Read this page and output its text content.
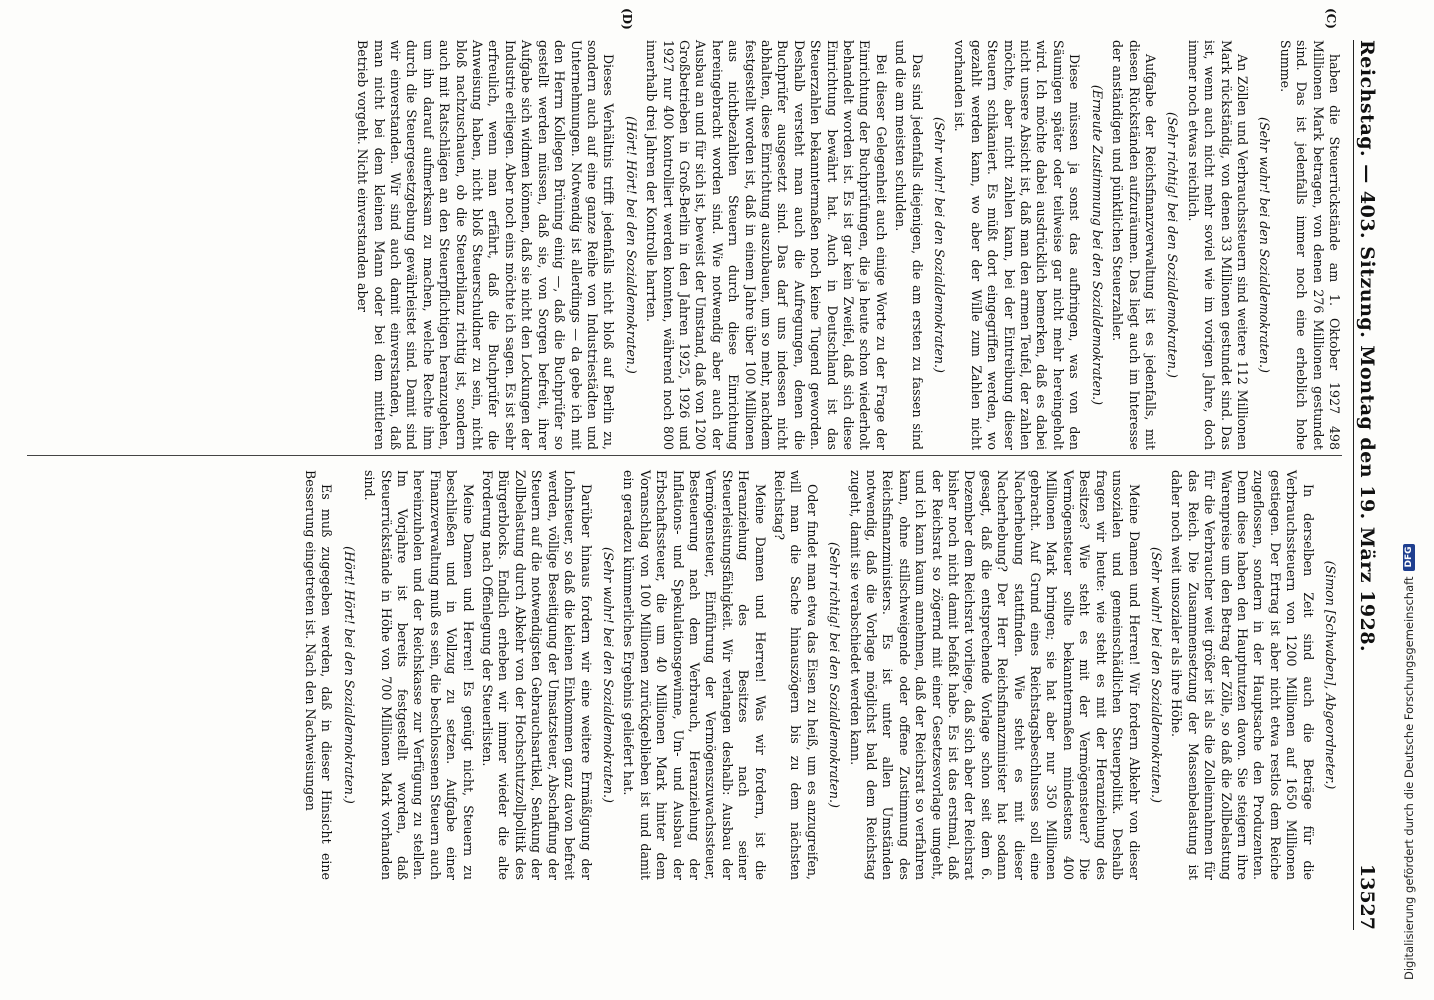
Reichstag. — 403. Sitzung. Montag den 19. März 1928.
13527
(C)
(D)

haben die Steuerrückstände am 1. Oktober 1927 498 Millionen Mark betragen, von denen 276 Millionen gestundet sind. Das ist jedenfalls immer noch eine erheblich hohe Summe.

(Sehr wahr! bei den Sozialdemokraten.)

An Zöllen und Verbrauchssteuern sind weitere 112 Millionen Mark rückständig, von denen 33 Millionen gestundet sind. Das ist, wenn auch nicht mehr soviel wie im vorigen Jahre, doch immer noch etwas reichlich.

(Sehr richtig! bei den Sozialdemokraten.)

Aufgabe der Reichsfinanzverwaltung ist es jedenfalls, mit diesen Rückständen aufzuräumen. Das liegt auch im Interesse der anständigen und pünktlichen Steuerzahler.

(Erneute Zustimmung bei den Sozialdemokraten.)

Diese müssen ja sonst das aufbringen, was von den Säumigen später oder teilweise gar nicht mehr hereingeholt wird. Ich möchte dabei ausdrücklich bemerken, daß es dabei nicht unsere Absicht ist, daß man den armen Teufel, der zahlen möchte, aber nicht zahlen kann, bei der Eintreibung dieser Steuern schikaniert. Es müßt dort eingegriffen werden, wo gezahlt werden kann, wo aber der Wille zum Zahlen nicht vorhanden ist.

(Sehr wahr! bei den Sozialdemokraten.)

Das sind jedenfalls diejenigen, die am ersten zu fassen sind und die am meisten schulden.

Bei dieser Gelegenheit auch einige Worte zu der Frage der Einrichtung der Buchprüfungen, die ja heute schon wiederholt behandelt worden ist. Es ist gar kein Zweifel, daß sich diese Einrichtung bewährt hat. Auch in Deutschland ist das Steuerzahlen bekanntermaßen noch keine Tugend geworden. Deshalb versteht man auch die Aufregungen, denen die Buchprüfer ausgesetzt sind. Das darf uns indessen nicht abhalten, diese Einrichtung auszubauen, um so mehr, nachdem festgestellt worden ist, daß in einem Jahre über 100 Millionen aus nichtbezahlten Steuern durch diese Einrichtung hereingebracht worden sind. Wie notwendig aber auch der Ausbau an und für sich ist, beweist der Umstand, daß von 1200 Großbetrieben in Groß-Berlin in den Jahren 1925, 1926 und 1927 nur 400 kontrolliert werden konnten, während noch 800 innerhalb drei Jahren der Kontrolle harrten.

(Hört! Hört! bei den Sozialdemokraten.)

Dieses Verhältnis trifft jedenfalls nicht bloß auf Berlin zu, sondern auch auf eine ganze Reihe von Industriestädten und Unternehmungen. Notwendig ist allerdings — da gebe ich mit den Herrn Kollegen Brüning einig —, daß die Buchprüfer so gestellt werden müssen, daß sie, von Sorgen befreit, ihrer Aufgabe sich widmen können, daß sie nicht den Lockungen der Industrie erliegen. Aber noch eins möchte ich sagen. Es ist sehr erfreulich, wenn man erfährt, daß die Buchprüfer die Anweisung haben, nicht bloß Steuerschuldner zu sein, nicht bloß nachzuschauen, ob die Steuerbilanz richtig ist, sondern auch mit Ratschlägen an den Steuerpflichtigen heranzugehen, um ihn darauf aufmerksam zu machen, welche Rechte ihm durch die Steuergesetzgebung gewährleistet sind. Damit sind wir einverstanden. Wir sind auch damit einverstanden, daß man nicht bei dem kleinen Mann oder bei dem mittleren Betrieb vorgeht. Nicht einverstanden aber

(Simon [Schwaben], Abgeordneter.)

In derselben Zeit sind auch die Beträge für die Verbrauchssteuern von 1200 Millionen auf 1650 Millionen gestiegen. Der Ertrag ist aber nicht etwa restlos dem Reiche zugeflossen, sondern in der Hauptsache den Produzenten. Denn diese haben den Hauptnutzen davon. Sie steigern ihre Warenpreise um den Betrag der Zölle, so daß die Zollbelastung für die Verbraucher weit größer ist als die Zolleinnahmen für das Reich. Die Zusammensetzung der Massenbelastung ist daher noch weit unsozialer als ihre Höhe.

(Sehr wahr! bei den Sozialdemokraten.)

Meine Damen und Herren! Wir fordern Abkehr von dieser unsozialen und gemeinschädlichen Steuerpolitik. Deshalb fragen wir heute: wie steht es mit der Heranziehung des Besitzes? Wie steht es mit der Vermögensteuer? Die Vermögensteuer sollte bekanntermaßen mindestens 400 Millionen Mark bringen; sie hat aber nur 350 Millionen gebracht. Auf Grund eines Reichstagsbeschlusses soll eine Nacherhebung stattfinden. Wie steht es mit dieser Nacherhebung? Der Herr Reichsfinanzminister hat sodann gesagt, daß die entsprechende Vorlage schon seit dem 6. Dezember dem Reichsrat vorliege, daß sich aber der Reichsrat bisher noch nicht damit befaßt habe. Es ist das erstmal, daß der Reichsrat so zögernd mit einer Gesetzesvorlage umgeht, und ich kann kaum annehmen, daß der Reichsrat so verfahren kann, ohne stillschweigende oder offene Zustimmung des Reichsfinanzministers. Es ist unter allen Umständen notwendig, daß die Vorlage möglichst bald dem Reichstag zugeht, damit sie verabschiedet werden kann.

(Sehr richtig! bei den Sozialdemokraten.)

Oder findet man etwa das Eisen zu heiß, um es anzugreifen, will man die Sache hinauszögern bis zu dem nächsten Reichstag?

Meine Damen und Herren! Was wir fordern, ist die Heranziehung des Besitzes nach seiner Steuerleistungsfähigkeit. Wir verlangen deshalb: Ausbau der Vermögensteuer, Einführung der Vermögenszuwachssteuer, Besteuerung nach dem Verbrauch, Heranziehung der Inflations- und Spekulationsgewinne, Um- und Ausbau der Erbschaftssteuer, die um 40 Millionen Mark hinter dem Voranschlag von 100 Millionen zurückgeblieben ist und damit ein geradezu kümmerliches Ergebnis geliefert hat.

(Sehr wahr! bei den Sozialdemokraten.)

Darüber hinaus fordern wir eine weitere Ermäßigung der Lohnsteuer, so daß die kleinen Einkommen ganz davon befreit werden, völlige Beseitigung der Umsatzsteuer, Abschaffung der Steuern auf die notwendigsten Gebrauchsartikel, Senkung der Zollbelastung durch Abkehr von der Hochschutzzollpolitik des Bürgerblocks. Endlich erheben wir immer wieder die alte Forderung nach Offenlegung der Steuerlisten.

Meine Damen und Herren! Es genügt nicht, Steuern zu beschließen und in Vollzug zu setzen. Aufgabe einer Finanzverwaltung muß es sein, die beschlossenen Steuern auch hereinzuholen und der Reichskasse zur Verfügung zu stellen. Im Vorjahre ist bereits festgestellt worden, daß Steuerrückstände in Höhe von 700 Millionen Mark vorhanden sind.

(Hört! Hört! bei den Sozialdemokraten.)

Es muß zugegeben werden, daß in dieser Hinsicht eine Besserung eingetreten ist. Nach den Nachweisungen	Digitalisierung gefördert durch die Deutsche Forschungsgemeinschaft
DFG
